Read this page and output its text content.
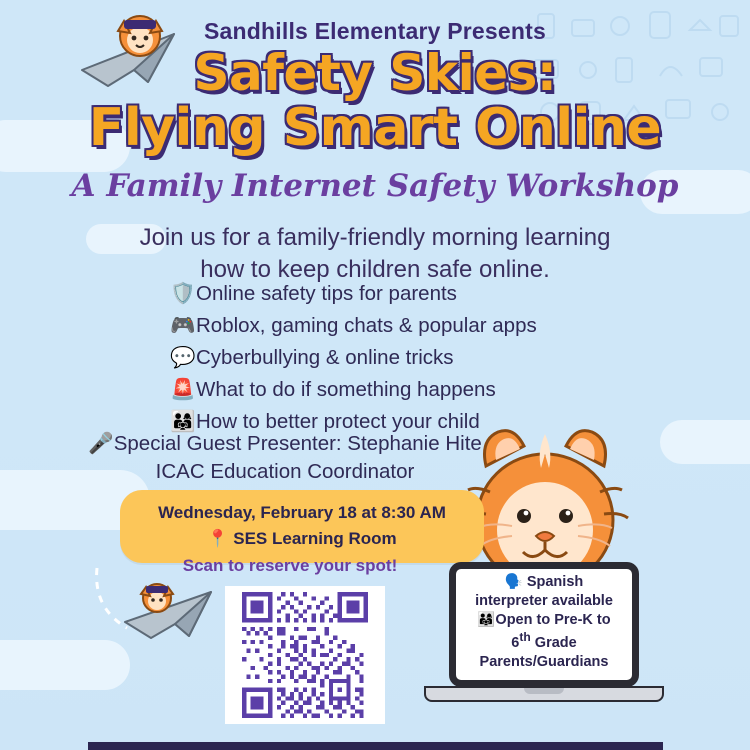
Sandhills Elementary Presents
Safety Skies:
Flying Smart Online
A Family Internet Safety Workshop
Join us for a family-friendly morning learning
how to keep children safe online.
🛡️Online safety tips for parents
🎮Roblox, gaming chats & popular apps
💬Cyberbullying & online tricks
🚨What to do if something happens
👨‍👩‍👧How to better protect your child
🎤Special Guest Presenter: Stephanie Hite
ICAC Education Coordinator
Wednesday, February 18 at 8:30 AM
📍 SES Learning Room
Scan to reserve your spot!
🗣️ Spanish
interpreter available
👨‍👩‍👧Open to Pre-K to
6th Grade
Parents/Guardians
